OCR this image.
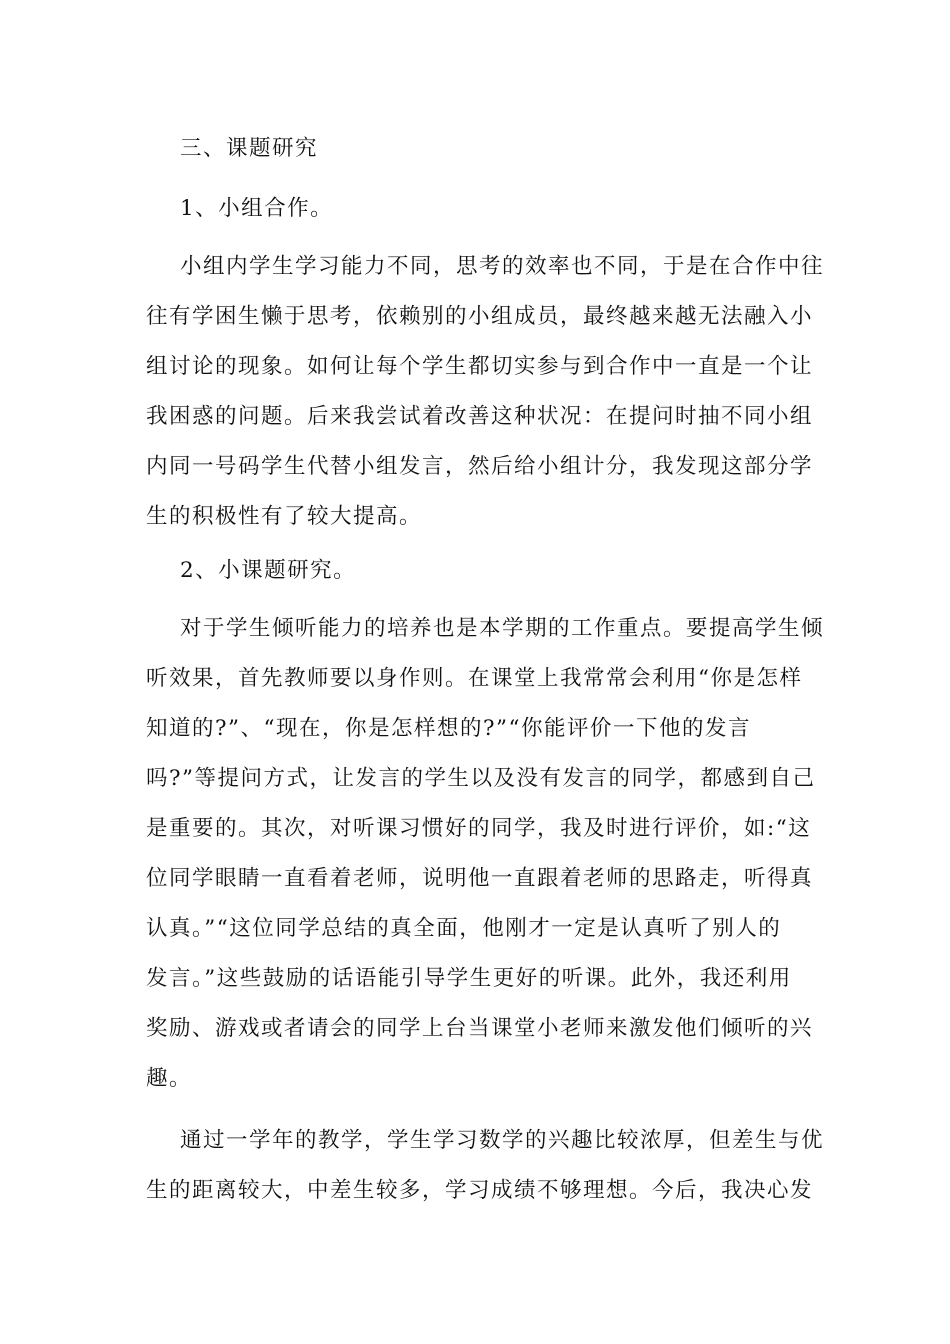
三、课题研究
1、小组合作。
小组内学生学习能力不同，思考的效率也不同，于是在合作中往
往有学困生懒于思考，依赖别的小组成员，最终越来越无法融入小
组讨论的现象。如何让每个学生都切实参与到合作中一直是一个让
我困惑的问题。后来我尝试着改善这种状况：在提问时抽不同小组
内同一号码学生代替小组发言，然后给小组计分，我发现这部分学
生的积极性有了较大提高。
2、小课题研究。
对于学生倾听能力的培养也是本学期的工作重点。要提高学生倾
听效果，首先教师要以身作则。在课堂上我常常会利用“你是怎样
知道的?”、“现在，你是怎样想的?”“你能评价一下他的发言
吗?”等提问方式，让发言的学生以及没有发言的同学，都感到自己
是重要的。其次，对听课习惯好的同学，我及时进行评价，如:“这
位同学眼睛一直看着老师，说明他一直跟着老师的思路走，听得真
认真。”“这位同学总结的真全面，他刚才一定是认真听了别人的
发言。”这些鼓励的话语能引导学生更好的听课。此外，我还利用
奖励、游戏或者请会的同学上台当课堂小老师来激发他们倾听的兴
趣。
通过一学年的教学，学生学习数学的兴趣比较浓厚，但差生与优
生的距离较大，中差生较多，学习成绩不够理想。今后，我决心发
